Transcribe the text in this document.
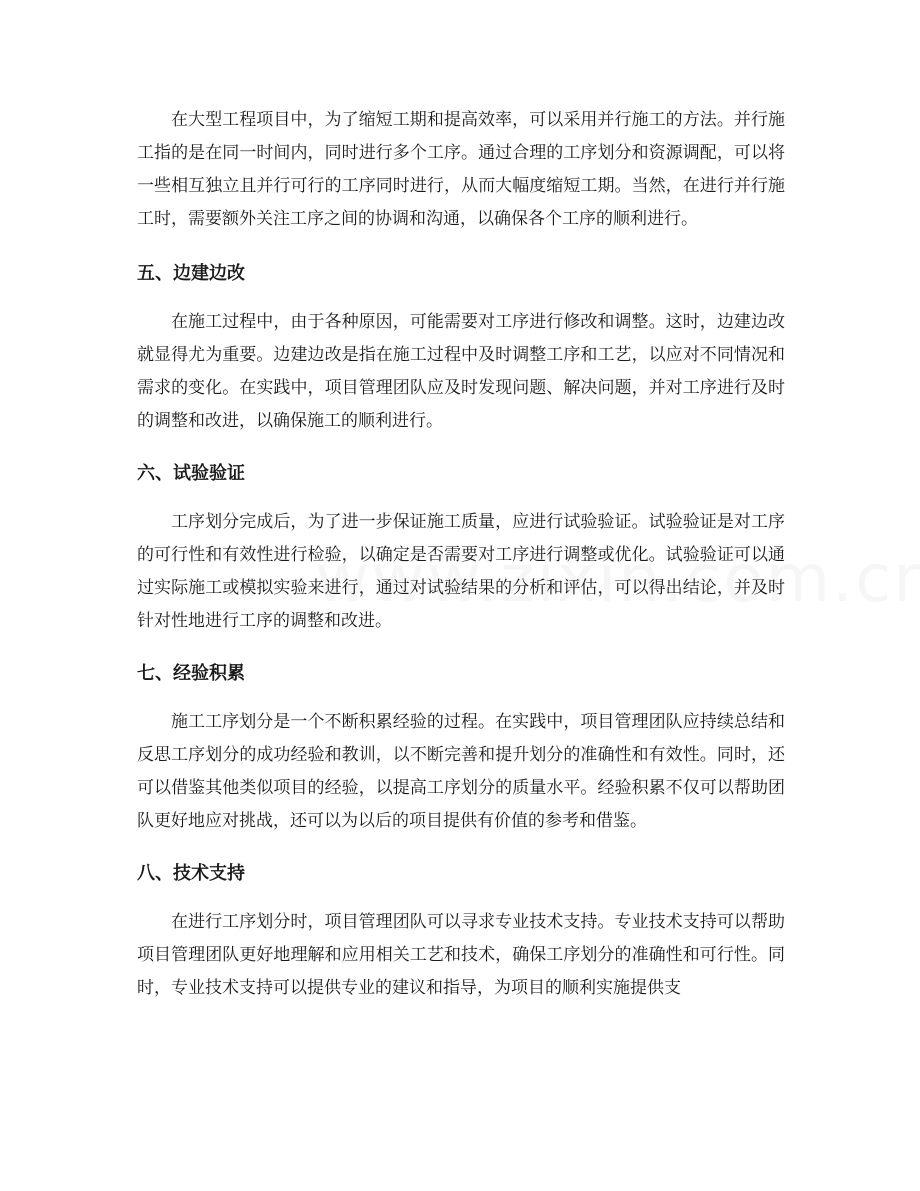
在大型工程项目中，为了缩短工期和提高效率，可以采用并行施工的方法。并行施工指的是在同一时间内，同时进行多个工序。通过合理的工序划分和资源调配，可以将一些相互独立且并行可行的工序同时进行，从而大幅度缩短工期。当然，在进行并行施工时，需要额外关注工序之间的协调和沟通，以确保各个工序的顺利进行。

五、边建边改

在施工过程中，由于各种原因，可能需要对工序进行修改和调整。这时，边建边改就显得尤为重要。边建边改是指在施工过程中及时调整工序和工艺，以应对不同情况和需求的变化。在实践中，项目管理团队应及时发现问题、解决问题，并对工序进行及时的调整和改进，以确保施工的顺利进行。

六、试验验证

工序划分完成后，为了进一步保证施工质量，应进行试验验证。试验验证是对工序的可行性和有效性进行检验，以确定是否需要对工序进行调整或优化。试验验证可以通过实际施工或模拟实验来进行，通过对试验结果的分析和评估，可以得出结论，并及时针对性地进行工序的调整和改进。

七、经验积累

施工工序划分是一个不断积累经验的过程。在实践中，项目管理团队应持续总结和反思工序划分的成功经验和教训，以不断完善和提升划分的准确性和有效性。同时，还可以借鉴其他类似项目的经验，以提高工序划分的质量水平。经验积累不仅可以帮助团队更好地应对挑战，还可以为以后的项目提供有价值的参考和借鉴。

八、技术支持

在进行工序划分时，项目管理团队可以寻求专业技术支持。专业技术支持可以帮助项目管理团队更好地理解和应用相关工艺和技术，确保工序划分的准确性和可行性。同时，专业技术支持可以提供专业的建议和指导，为项目的顺利实施提供支
